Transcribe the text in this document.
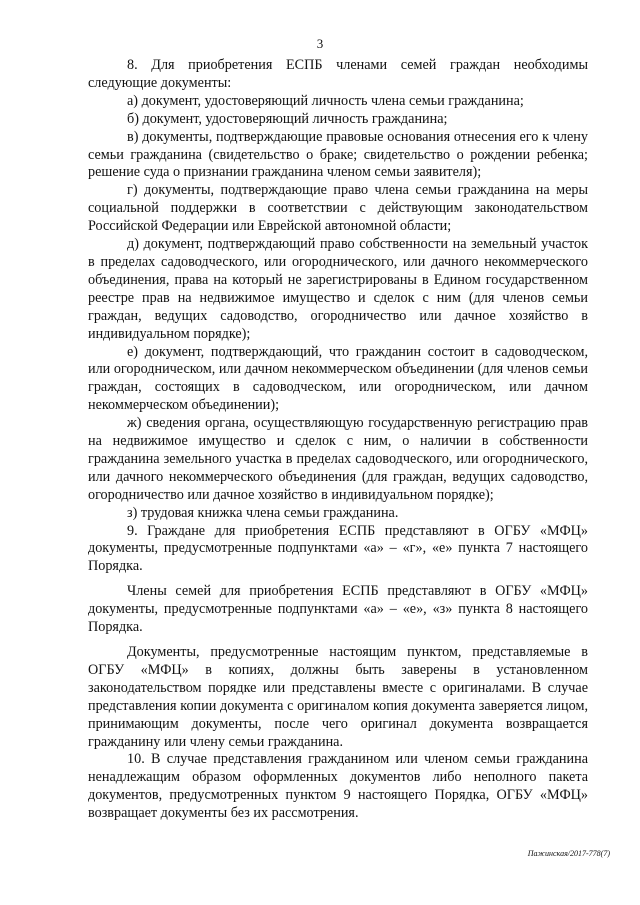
3

8. Для приобретения ЕСПБ членами семей граждан необходимы следующие документы:

а) документ, удостоверяющий личность члена семьи гражданина;

б) документ, удостоверяющий личность гражданина;

в) документы, подтверждающие правовые основания отнесения его к члену семьи гражданина (свидетельство о браке; свидетельство о рождении ребенка; решение суда о признании гражданина членом семьи заявителя);

г) документы, подтверждающие право члена семьи гражданина на меры социальной поддержки в соответствии с действующим законодательством Российской Федерации или Еврейской автономной области;

д) документ, подтверждающий право собственности на земельный участок в пределах садоводческого, или огороднического, или дачного некоммерческого объединения, права на который не зарегистрированы в Едином государственном реестре прав на недвижимое имущество и сделок с ним (для членов семьи граждан, ведущих садоводство, огородничество или дачное хозяйство в индивидуальном порядке);

е) документ, подтверждающий, что гражданин состоит в садоводческом, или огородническом, или дачном некоммерческом объединении (для членов семьи граждан, состоящих в садоводческом, или огородническом, или дачном некоммерческом объединении);

ж) сведения органа, осуществляющую государственную регистрацию прав на недвижимое имущество и сделок с ним, о наличии в собственности гражданина земельного участка в пределах садоводческого, или огороднического, или дачного некоммерческого объединения (для граждан, ведущих садоводство, огородничество или дачное хозяйство в индивидуальном порядке);

з) трудовая книжка члена семьи гражданина.

9. Граждане для приобретения ЕСПБ представляют в ОГБУ «МФЦ» документы, предусмотренные подпунктами «а» – «г», «е» пункта 7 настоящего Порядка.

Члены семей для приобретения ЕСПБ представляют в ОГБУ «МФЦ» документы, предусмотренные подпунктами «а» – «е», «з» пункта 8 настоящего Порядка.

Документы, предусмотренные настоящим пунктом, представляемые в ОГБУ «МФЦ» в копиях, должны быть заверены в установленном законодательством порядке или представлены вместе с оригиналами. В случае представления копии документа с оригиналом копия документа заверяется лицом, принимающим документы, после чего оригинал документа возвращается гражданину или члену семьи гражданина.

10. В случае представления гражданином или членом семьи гражданина ненадлежащим образом оформленных документов либо неполного пакета документов, предусмотренных пунктом 9 настоящего Порядка, ОГБУ «МФЦ» возвращает документы без их рассмотрения.

Пажинская/2017-778(7)
